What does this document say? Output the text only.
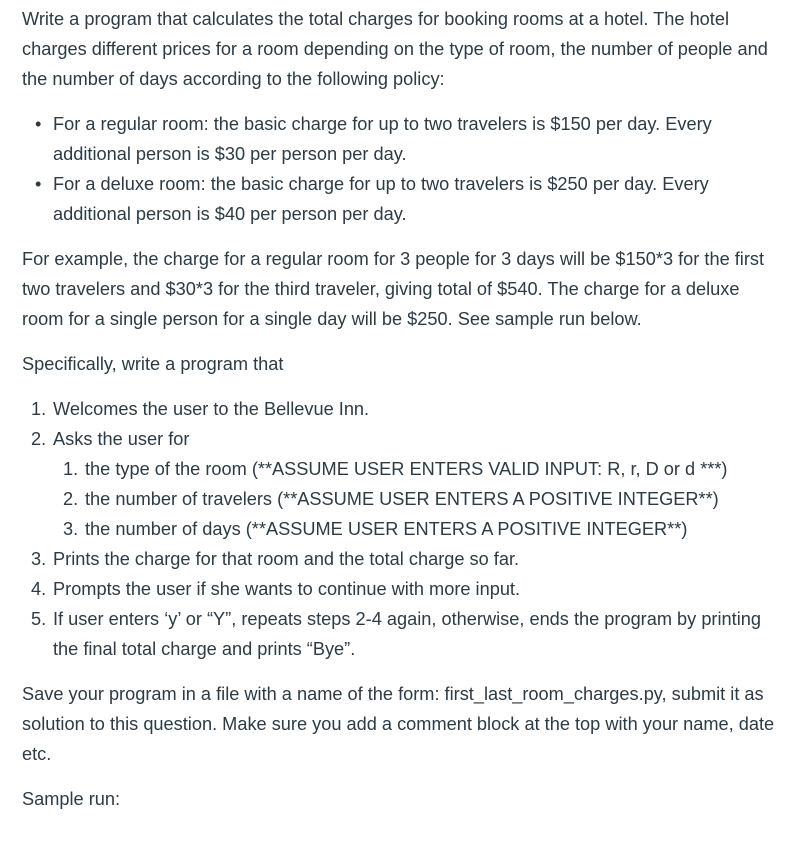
Write a program that calculates the total charges for booking rooms at a hotel. The hotel charges different prices for a room depending on the type of room, the number of people and the number of days according to the following policy:

• For a regular room: the basic charge for up to two travelers is $150 per day. Every additional person is $30 per person per day.
• For a deluxe room: the basic charge for up to two travelers is $250 per day. Every additional person is $40 per person per day.

For example, the charge for a regular room for 3 people for 3 days will be $150*3 for the first two travelers and $30*3 for the third traveler, giving total of $540. The charge for a deluxe room for a single person for a single day will be $250. See sample run below.

Specifically, write a program that

1. Welcomes the user to the Bellevue Inn.
2. Asks the user for
1. the type of the room (**ASSUME USER ENTERS VALID INPUT: R, r, D or d ***)
2. the number of travelers (**ASSUME USER ENTERS A POSITIVE INTEGER**)
3. the number of days (**ASSUME USER ENTERS A POSITIVE INTEGER**)
3. Prints the charge for that room and the total charge so far.
4. Prompts the user if she wants to continue with more input.
5. If user enters ‘y’ or “Y”, repeats steps 2-4 again, otherwise, ends the program by printing the final total charge and prints “Bye”.

Save your program in a file with a name of the form: first_last_room_charges.py, submit it as solution to this question. Make sure you add a comment block at the top with your name, date etc.

Sample run:
